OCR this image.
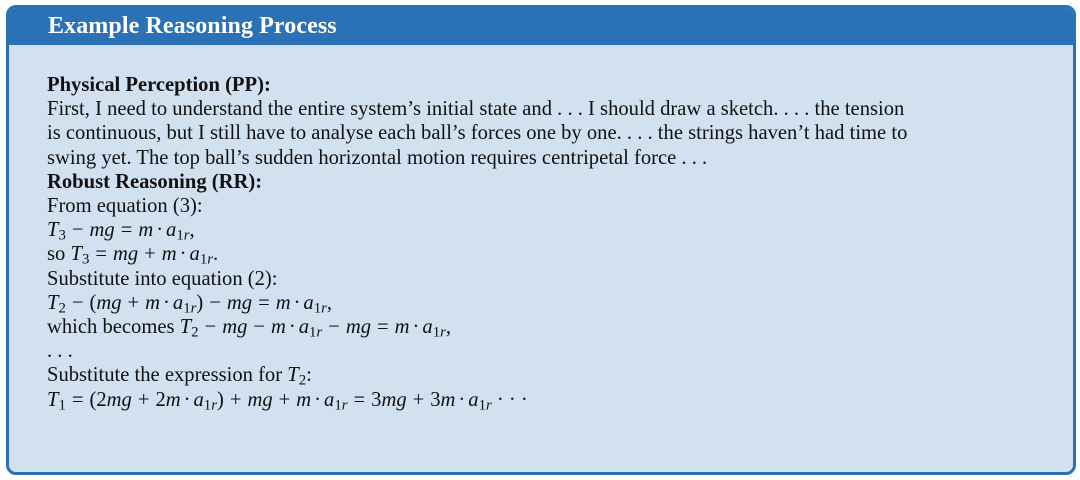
Example Reasoning Process
Physical Perception (PP):
First, I need to understand the entire system’s initial state and . . . I should draw a sketch. . . . the tension
is continuous, but I still have to analyse each ball’s forces one by one. . . . the strings haven’t had time to
swing yet. The top ball’s sudden horizontal motion requires centripetal force . . .
Robust Reasoning (RR):
From equation (3):
$T_3$ − mg = $m \cdot a_{1r}$,
so $T_3$ = mg + $m \cdot a_{1r}$.
Substitute into equation (2):
$T_2 - (mg + m \cdot a_{1r})$ − mg = $m \cdot a_{1r}$,
which becomes $T_2$ − mg − $m \cdot a_{1r}$ − mg = $m \cdot a_{1r}$,
. . .
Substitute the expression for $T_2$:
$T_1 = (2mg + 2m \cdot a_{1r})$ + mg + $m \cdot a_{1r} = 3mg + 3m \cdot a_{1r}$ · · ·
